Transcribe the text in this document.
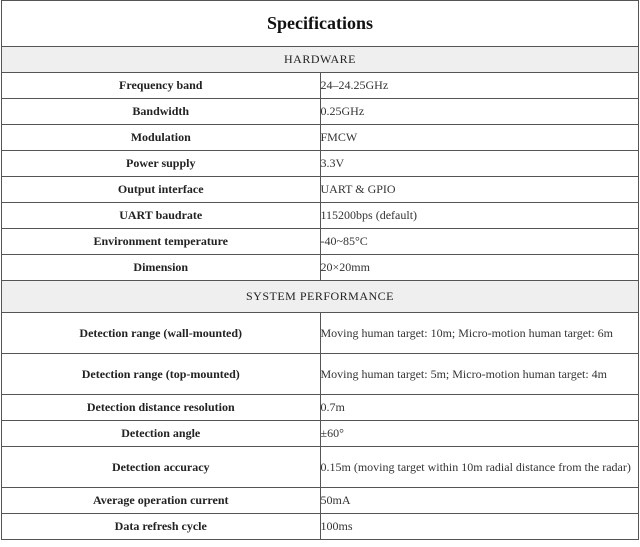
Specifications	
HARDWARE	
Frequency band	24–24.25GHz
Bandwidth	0.25GHz
Modulation	FMCW
Power supply	3.3V
Output interface	UART & GPIO
UART baudrate	115200bps (default)
Environment temperature	-40~85°C
Dimension	20×20mm
SYSTEM PERFORMANCE	
Detection range (wall-mounted)	Moving human target: 10m; Micro-motion human target: 6m
Detection range (top-mounted)	Moving human target: 5m; Micro-motion human target: 4m
Detection distance resolution	0.7m
Detection angle	±60°
Detection accuracy	0.15m (moving target within 10m radial distance from the radar)
Average operation current	50mA
Data refresh cycle	100ms
